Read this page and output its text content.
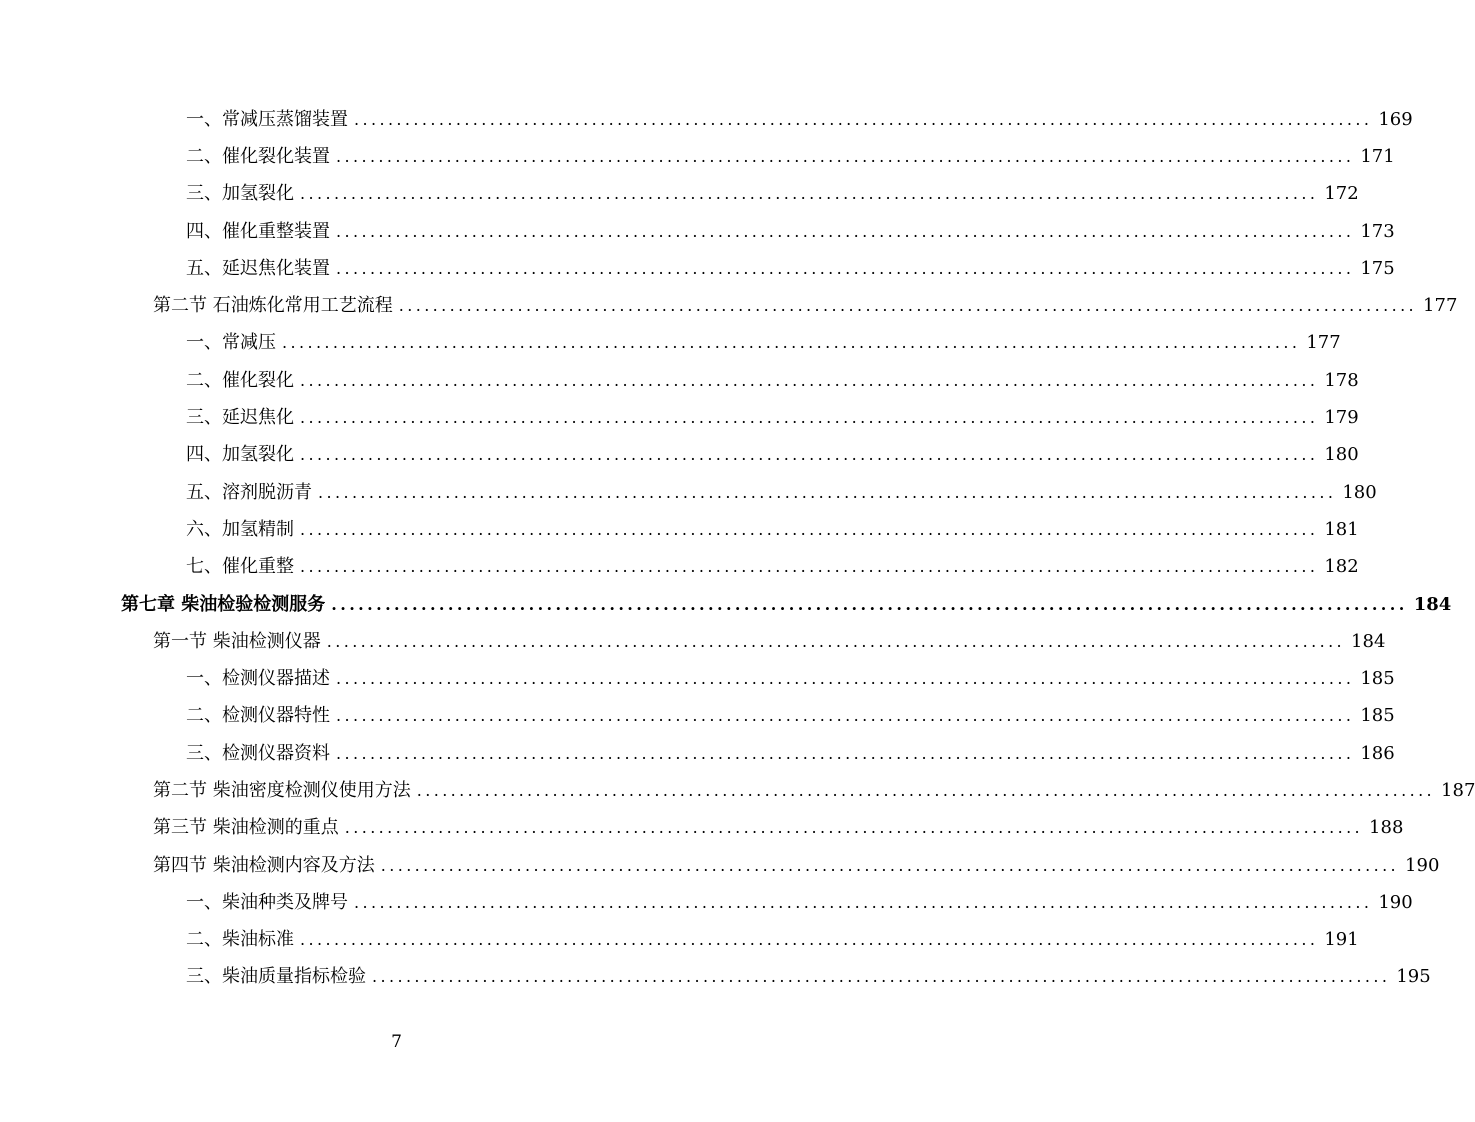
一、常减压蒸馏装置 ........................................................................................................................ 169
二、催化裂化装置 ........................................................................................................................ 171
三、加氢裂化 ........................................................................................................................ 172
四、催化重整装置 ........................................................................................................................ 173
五、延迟焦化装置 ........................................................................................................................ 175
第二节 石油炼化常用工艺流程 ........................................................................................................................ 177
一、常减压 ........................................................................................................................ 177
二、催化裂化 ........................................................................................................................ 178
三、延迟焦化 ........................................................................................................................ 179
四、加氢裂化 ........................................................................................................................ 180
五、溶剂脱沥青 ........................................................................................................................ 180
六、加氢精制 ........................................................................................................................ 181
七、催化重整 ........................................................................................................................ 182
第七章 柴油检验检测服务 ........................................................................................................................ 184
第一节 柴油检测仪器 ........................................................................................................................ 184
一、检测仪器描述 ........................................................................................................................ 185
二、检测仪器特性 ........................................................................................................................ 185
三、检测仪器资料 ........................................................................................................................ 186
第二节 柴油密度检测仪使用方法 ........................................................................................................................ 187
第三节 柴油检测的重点 ........................................................................................................................ 188
第四节 柴油检测内容及方法 ........................................................................................................................ 190
一、柴油种类及牌号 ........................................................................................................................ 190
二、柴油标准 ........................................................................................................................ 191
三、柴油质量指标检验 ........................................................................................................................ 195
7
